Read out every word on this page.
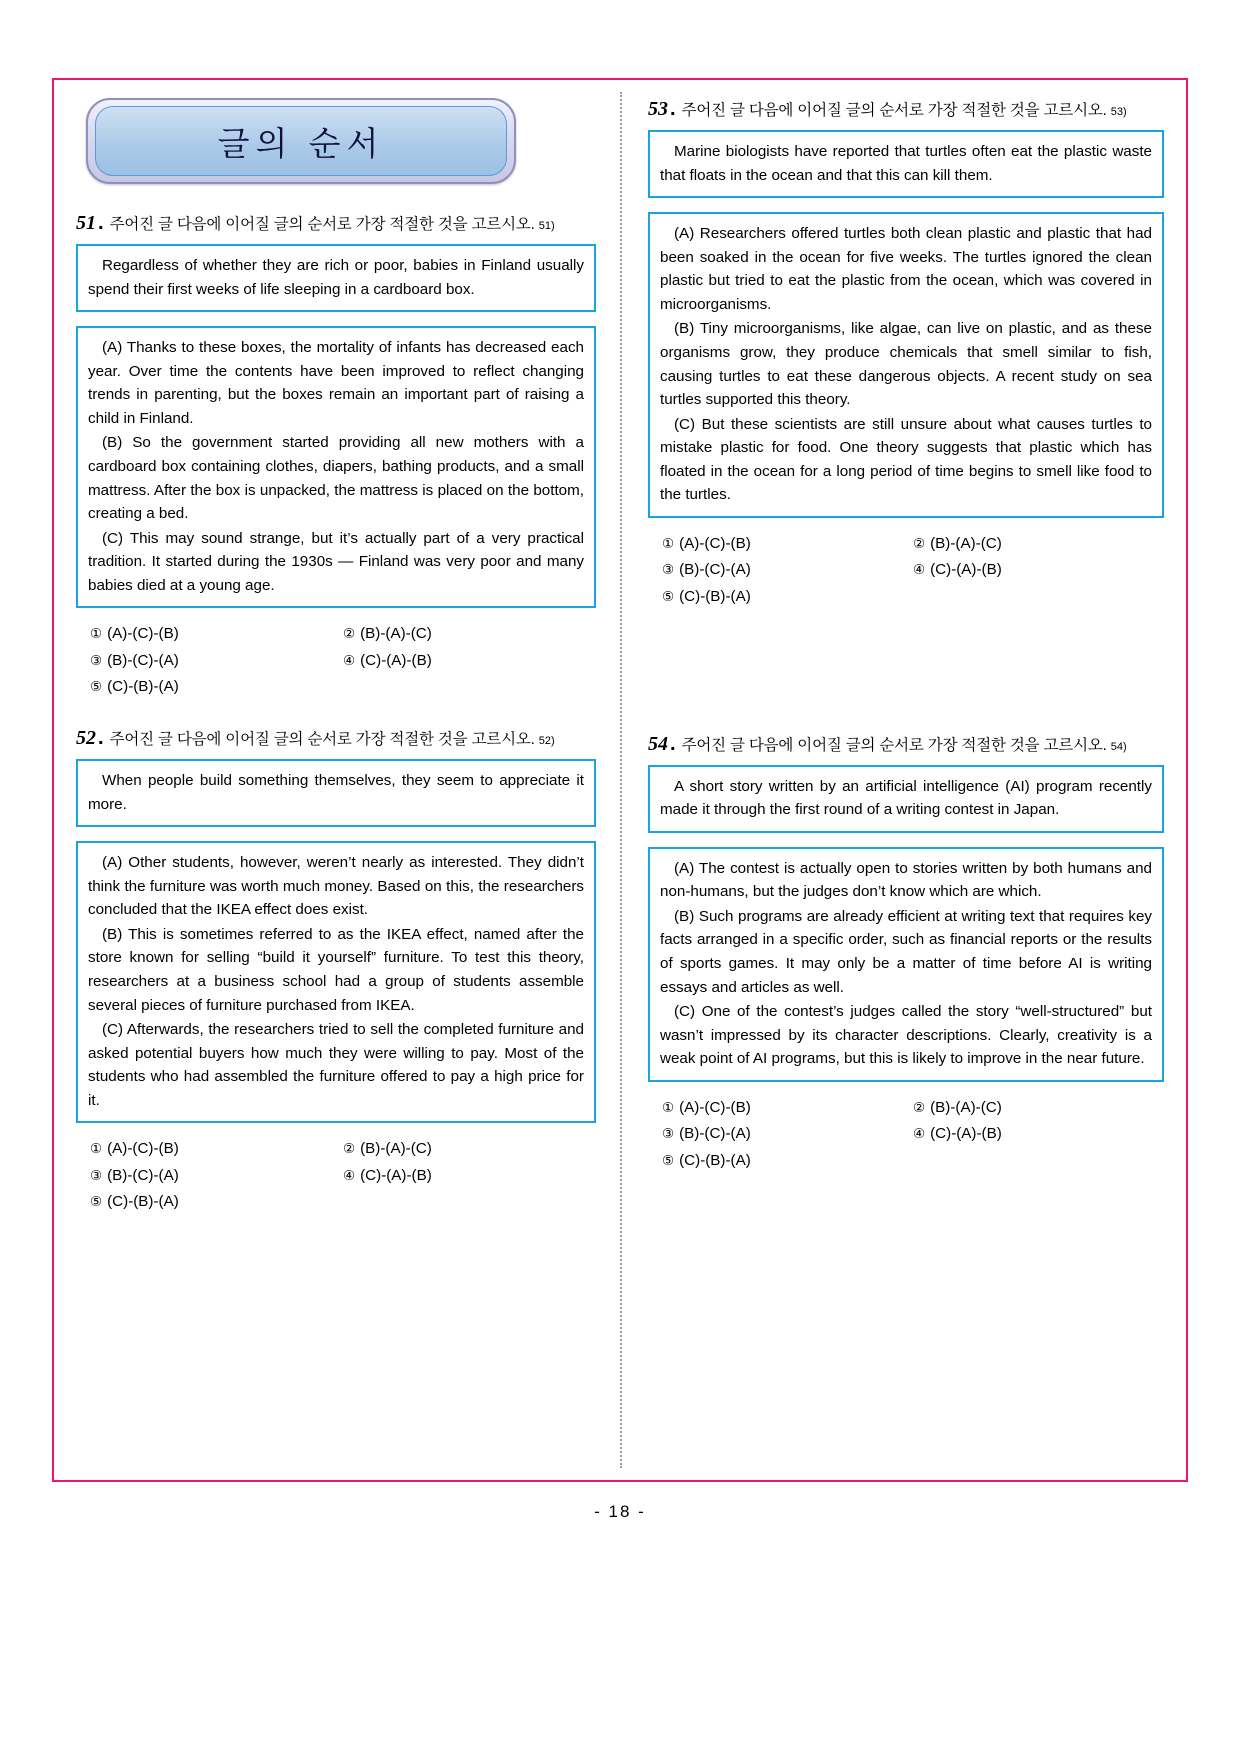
글의 순서
51 . 주어진 글 다음에 이어질 글의 순서로 가장 적절한 것을 고르시오. 51)

Regardless of whether they are rich or poor, babies in Finland usually spend their first weeks of life sleeping in a cardboard box.

(A) Thanks to these boxes, the mortality of infants has decreased each year. Over time the contents have been improved to reflect changing trends in parenting, but the boxes remain an important part of raising a child in Finland.

(B) So the government started providing all new mothers with a cardboard box containing clothes, diapers, bathing products, and a small mattress. After the box is unpacked, the mattress is placed on the bottom, creating a bed.

(C) This may sound strange, but it’s actually part of a very practical tradition. It started during the 1930s — Finland was very poor and many babies died at a young age.

① (A)-(C)-(B)	② (B)-(A)-(C)
③ (B)-(C)-(A)	④ (C)-(A)-(B)
⑤ (C)-(B)-(A)
52 . 주어진 글 다음에 이어질 글의 순서로 가장 적절한 것을 고르시오. 52)

When people build something themselves, they seem to appreciate it more.

(A) Other students, however, weren’t nearly as interested. They didn’t think the furniture was worth much money. Based on this, the researchers concluded that the IKEA effect does exist.

(B) This is sometimes referred to as the IKEA effect, named after the store known for selling “build it yourself” furniture. To test this theory, researchers at a business school had a group of students assemble several pieces of furniture purchased from IKEA.

(C) Afterwards, the researchers tried to sell the completed furniture and asked potential buyers how much they were willing to pay. Most of the students who had assembled the furniture offered to pay a high price for it.

① (A)-(C)-(B)	② (B)-(A)-(C)
③ (B)-(C)-(A)	④ (C)-(A)-(B)
⑤ (C)-(B)-(A)
53 . 주어진 글 다음에 이어질 글의 순서로 가장 적절한 것을 고르시오. 53)

Marine biologists have reported that turtles often eat the plastic waste that floats in the ocean and that this can kill them.

(A) Researchers offered turtles both clean plastic and plastic that had been soaked in the ocean for five weeks. The turtles ignored the clean plastic but tried to eat the plastic from the ocean, which was covered in microorganisms.

(B) Tiny microorganisms, like algae, can live on plastic, and as these organisms grow, they produce chemicals that smell similar to fish, causing turtles to eat these dangerous objects. A recent study on sea turtles supported this theory.

(C) But these scientists are still unsure about what causes turtles to mistake plastic for food. One theory suggests that plastic which has floated in the ocean for a long period of time begins to smell like food to the turtles.

① (A)-(C)-(B)	② (B)-(A)-(C)
③ (B)-(C)-(A)	④ (C)-(A)-(B)
⑤ (C)-(B)-(A)
54 . 주어진 글 다음에 이어질 글의 순서로 가장 적절한 것을 고르시오. 54)

A short story written by an artificial intelligence (AI) program recently made it through the first round of a writing contest in Japan.

(A) The contest is actually open to stories written by both humans and non-humans, but the judges don’t know which are which.

(B) Such programs are already efficient at writing text that requires key facts arranged in a specific order, such as financial reports or the results of sports games. It may only be a matter of time before AI is writing essays and articles as well.

(C) One of the contest’s judges called the story “well-structured” but wasn’t impressed by its character descriptions. Clearly, creativity is a weak point of AI programs, but this is likely to improve in the near future.

① (A)-(C)-(B)	② (B)-(A)-(C)
③ (B)-(C)-(A)	④ (C)-(A)-(B)
⑤ (C)-(B)-(A)
- 18 -
